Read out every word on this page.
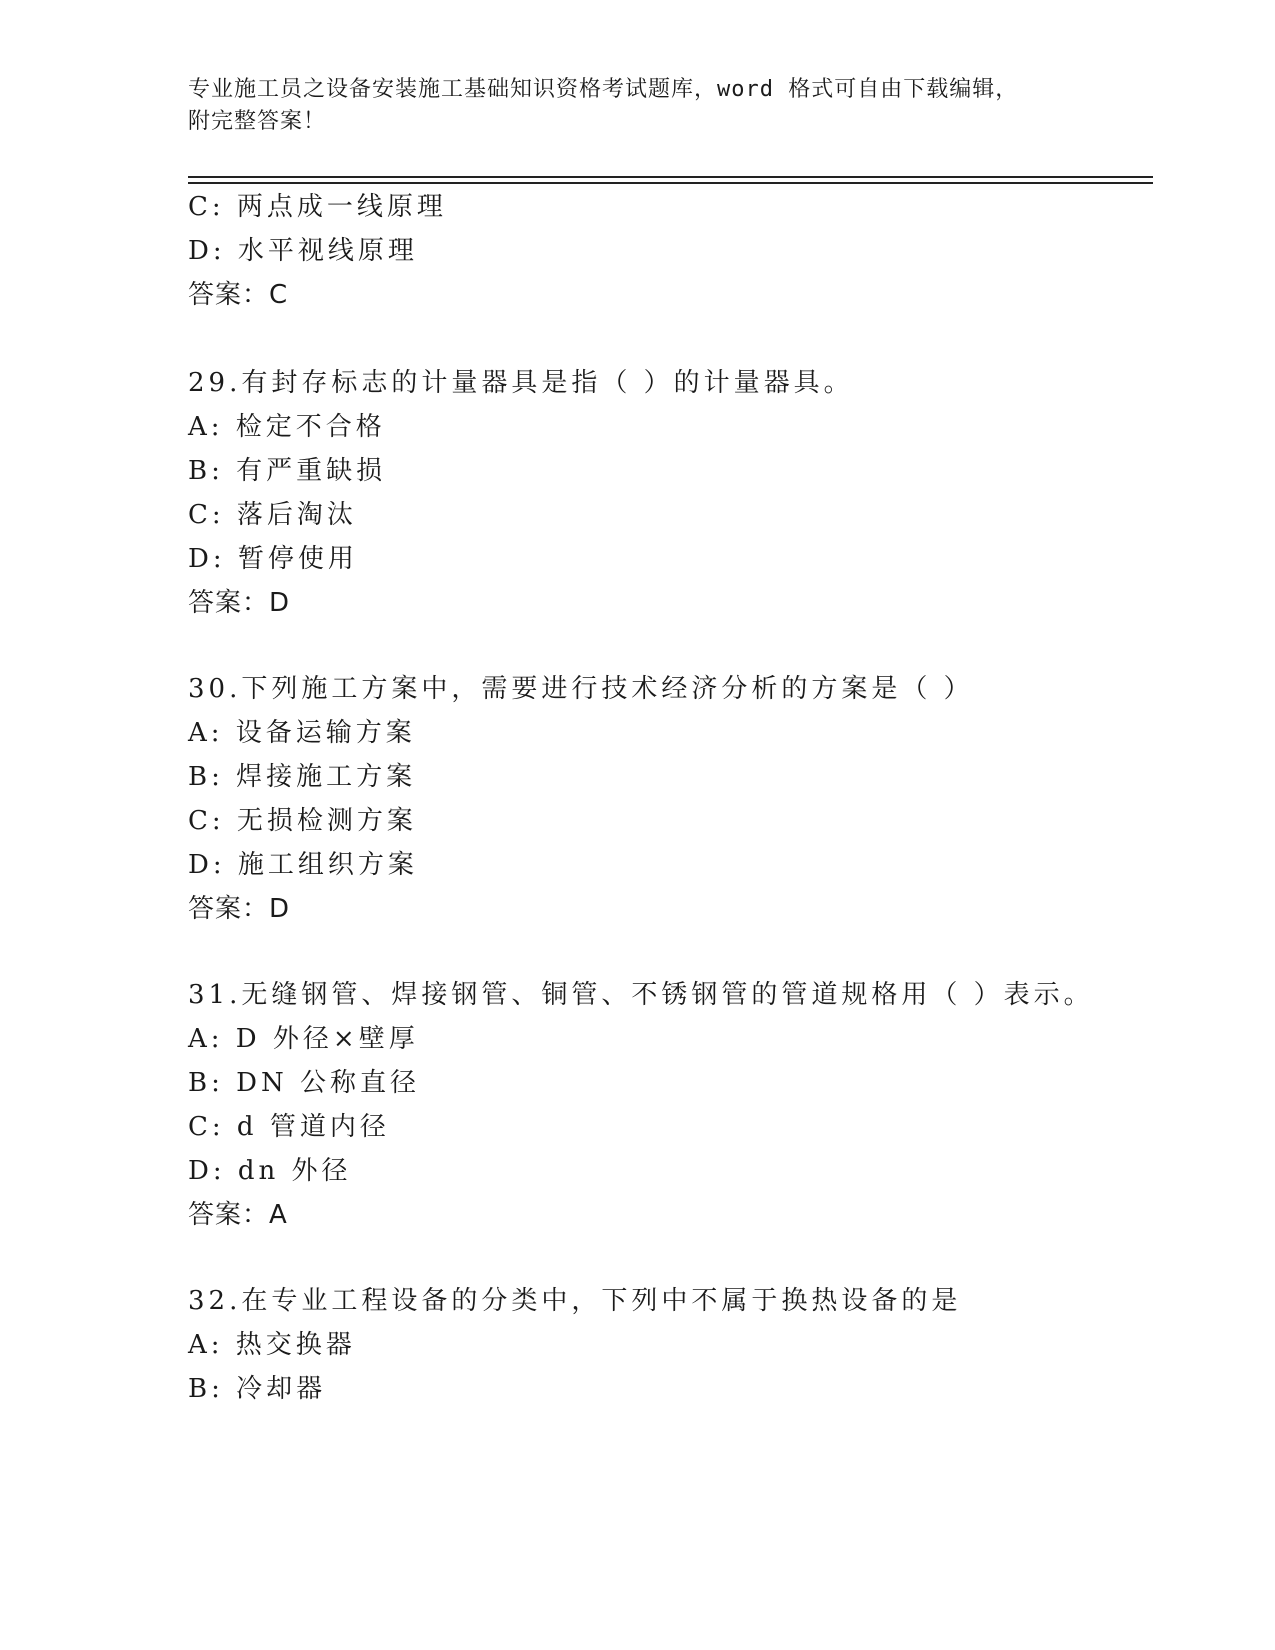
专业施工员之设备安装施工基础知识资格考试题库，word 格式可自由下载编辑，
附完整答案！
C: 两点成一线原理
D: 水平视线原理
答案：C
29.有封存标志的计量器具是指（ ）的计量器具。
A: 检定不合格
B: 有严重缺损
C: 落后淘汰
D: 暂停使用
答案：D
30.下列施工方案中，需要进行技术经济分析的方案是（ ）
A: 设备运输方案
B: 焊接施工方案
C: 无损检测方案
D: 施工组织方案
答案：D
31.无缝钢管、焊接钢管、铜管、不锈钢管的管道规格用（ ）表示。
A: D 外径×壁厚
B: DN 公称直径
C: d 管道内径
D: dn 外径
答案：A
32.在专业工程设备的分类中，下列中不属于换热设备的是
A: 热交换器
B: 冷却器
